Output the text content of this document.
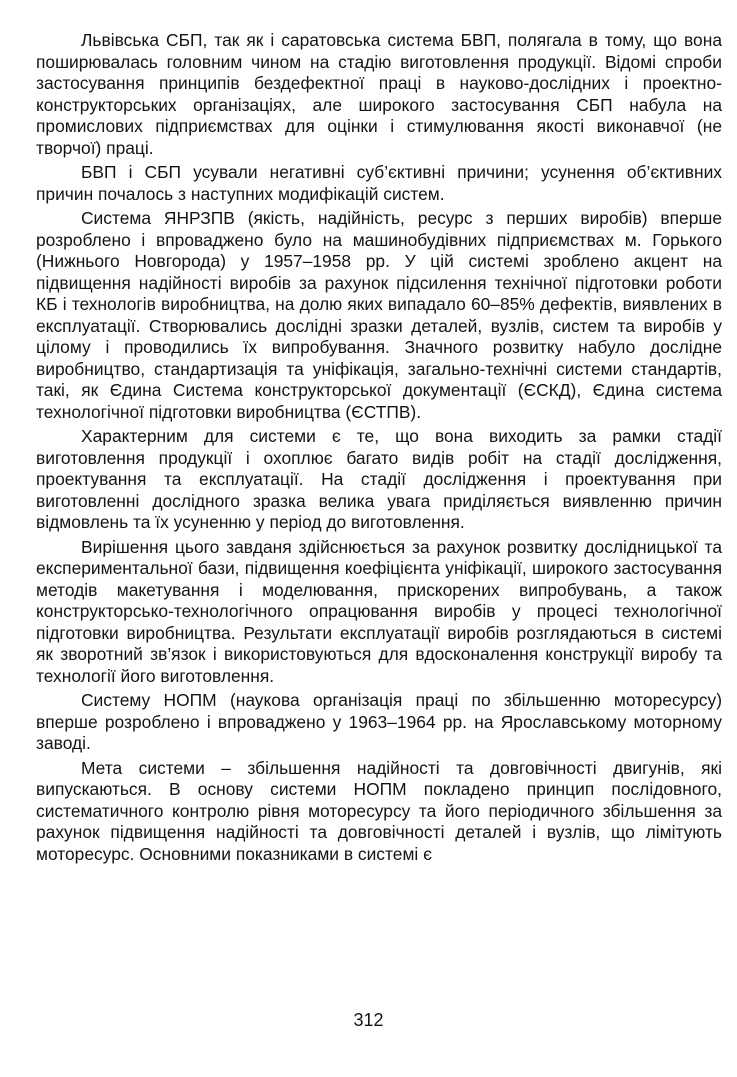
Львівська СБП, так як і саратовська система БВП, полягала в тому, що вона поширювалась головним чином на стадію виготовлення продукції. Відомі спроби застосування принципів бездефектної праці в науково-дослідних і проектно-конструкторських організаціях, але широкого застосування СБП набула на промислових підприємствах для оцінки і стимулювання якості виконавчої (не творчої) праці.

БВП і СБП усували негативні суб’єктивні причини; усунення об’єктивних причин почалось з наступних модифікацій систем.

Система ЯНРЗПВ (якість, надійність, ресурс з перших виробів) вперше розроблено і впроваджено було на машинобудівних підприємствах м. Горького (Нижнього Новгорода) у 1957–1958 рр. У цій системі зроблено акцент на підвищення надійності виробів за рахунок підсилення технічної підготовки роботи КБ і технологів виробництва, на долю яких випадало 60–85% дефектів, виявлених в експлуатації. Створювались дослідні зразки деталей, вузлів, систем та виробів у цілому і проводились їх випробування. Значного розвитку набуло дослідне виробництво, стандартизація та уніфікація, загально-технічні системи стандартів, такі, як Єдина Система конструкторської документації (ЄСКД), Єдина система технологічної підготовки виробництва (ЄСТПВ).

Характерним для системи є те, що вона виходить за рамки стадії виготовлення продукції і охоплює багато видів робіт на стадії дослідження, проектування та експлуатації. На стадії дослідження і проектування при виготовленні дослідного зразка велика увага приділяється виявленню причин відмовлень та їх усуненню у період до виготовлення.

Вирішення цього завданя здійснюється за рахунок розвитку дослідницької та експериментальної бази, підвищення коефіцієнта уніфікації, широкого застосування методів макетування і моделювання, прискорених випробувань, а також конструкторсько-технологічного опрацювання виробів у процесі технологічної підготовки виробництва. Результати експлуатації виробів розглядаються в системі як зворотний зв’язок і використовуються для вдосконалення конструкції виробу та технології його виготовлення.

Систему НОПМ (наукова організація праці по збільшенню моторесурсу) вперше розроблено і впроваджено у 1963–1964 рр. на Ярославському моторному заводі.

Мета системи – збільшення надійності та довговічності двигунів, які випускаються. В основу системи НОПМ покладено принцип послідовного, систематичного контролю рівня моторесурсу та його періодичного збільшення за рахунок підвищення надійності та довговічності деталей і вузлів, що лімітують моторесурс. Основними показниками в системі є

312
